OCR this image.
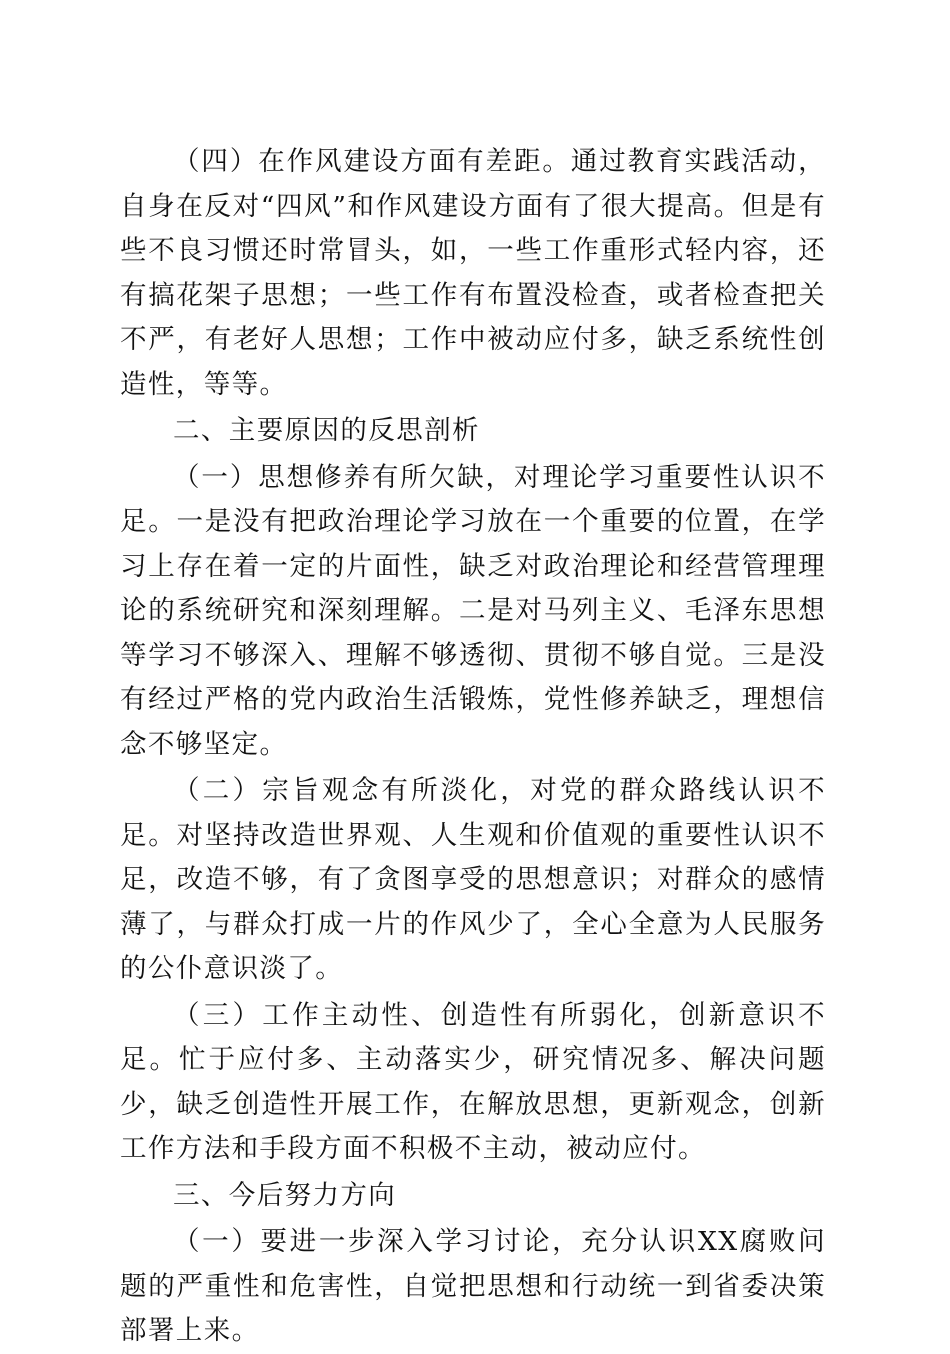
（四）在作风建设方面有差距。通过教育实践活动，自身在反对“四风”和作风建设方面有了很大提高。但是有些不良习惯还时常冒头，如，一些工作重形式轻内容，还有搞花架子思想；一些工作有布置没检查，或者检查把关不严，有老好人思想；工作中被动应付多，缺乏系统性创造性，等等。

二、主要原因的反思剖析

（一）思想修养有所欠缺，对理论学习重要性认识不足。一是没有把政治理论学习放在一个重要的位置，在学习上存在着一定的片面性，缺乏对政治理论和经营管理理论的系统研究和深刻理解。二是对马列主义、毛泽东思想等学习不够深入、理解不够透彻、贯彻不够自觉。三是没有经过严格的党内政治生活锻炼，党性修养缺乏，理想信念不够坚定。

（二）宗旨观念有所淡化，对党的群众路线认识不足。对坚持改造世界观、人生观和价值观的重要性认识不足，改造不够，有了贪图享受的思想意识；对群众的感情薄了，与群众打成一片的作风少了，全心全意为人民服务的公仆意识淡了。

（三）工作主动性、创造性有所弱化，创新意识不足。忙于应付多、主动落实少，研究情况多、解决问题少，缺乏创造性开展工作，在解放思想，更新观念，创新工作方法和手段方面不积极不主动，被动应付。

三、今后努力方向

（一）要进一步深入学习讨论，充分认识XX腐败问题的严重性和危害性，自觉把思想和行动统一到省委决策部署上来。
